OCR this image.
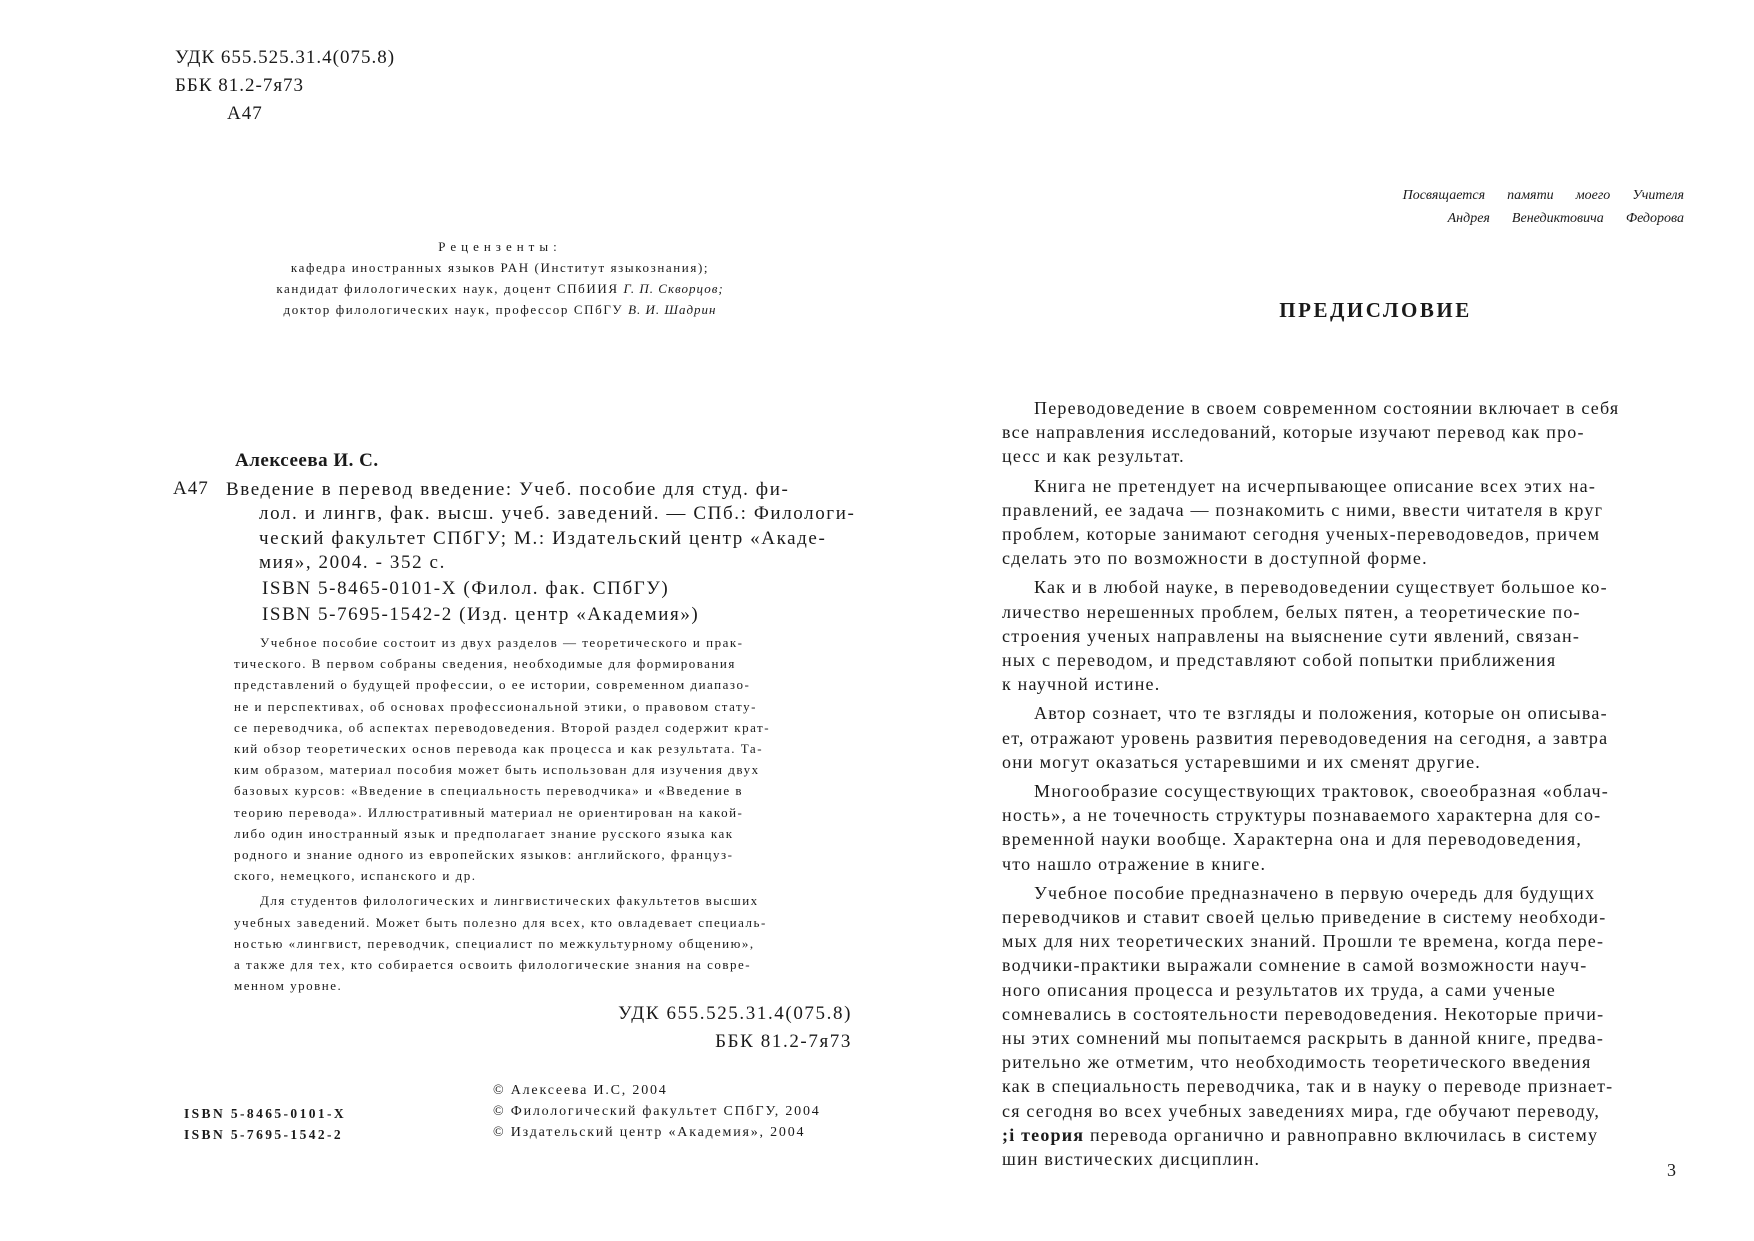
УДК 655.525.31.4(075.8)
ББК 81.2-7я73
А47
Рецензенты:
кафедра иностранных языков РАН (Институт языкознания);
кандидат филологических наук, доцент СПбИИЯ Г. П. Скворцов;
доктор филологических наук, профессор СПбГУ В. И. Шадрин
Алексеева И. С.
А47 Введение в перевод введение: Учеб. пособие для студ. фи-
лол. и лингв, фак. высш. учеб. заведений. — СПб.: Филологи-
ческий факультет СПбГУ; М.: Издательский центр «Акаде-
мия», 2004. - 352 с.
ISBN 5-8465-0101-Х (Филол. фак. СПбГУ)
ISBN 5-7695-1542-2 (Изд. центр «Академия»)
Учебное пособие состоит из двух разделов — теоретического и прак-
тического. В первом собраны сведения, необходимые для формирования
представлений о будущей профессии, о ее истории, современном диапазо-
не и перспективах, об основах профессиональной этики, о правовом стату-
се переводчика, об аспектах переводоведения. Второй раздел содержит крат-
кий обзор теоретических основ перевода как процесса и как результата. Та-
ким образом, материал пособия может быть использован для изучения двух
базовых курсов: «Введение в специальность переводчика» и «Введение в
теорию перевода». Иллюстративный материал не ориентирован на какой-
либо один иностранный язык и предполагает знание русского языка как
родного и знание одного из европейских языков: английского, француз-
ского, немецкого, испанского и др.
Для студентов филологических и лингвистических факультетов высших
учебных заведений. Может быть полезно для всех, кто овладевает специаль-
ностью «лингвист, переводчик, специалист по межкультурному общению»,
а также для тех, кто собирается освоить филологические знания на совре-
менном уровне.
УДК 655.525.31.4(075.8)
ББК 81.2-7я73
© Алексеева И.С, 2004
© Филологический факультет СПбГУ, 2004
© Издательский центр «Академия», 2004
ISBN 5-8465-0101-X
ISBN 5-7695-1542-2
Посвящается памяти моего Учителя
Андрея Венедиктовича Федорова
ПРЕДИСЛОВИЕ

Переводоведение в своем современном состоянии включает в себя
все направления исследований, которые изучают перевод как про-
цесс и как результат.

Книга не претендует на исчерпывающее описание всех этих на-
правлений, ее задача — познакомить с ними, ввести читателя в круг
проблем, которые занимают сегодня ученых-переводоведов, причем
сделать это по возможности в доступной форме.

Как и в любой науке, в переводоведении существует большое ко-
личество нерешенных проблем, белых пятен, а теоретические по-
строения ученых направлены на выяснение сути явлений, связан-
ных с переводом, и представляют собой попытки приближения
к научной истине.

Автор сознает, что те взгляды и положения, которые он описыва-
ет, отражают уровень развития переводоведения на сегодня, а завтра
они могут оказаться устаревшими и их сменят другие.

Многообразие сосуществующих трактовок, своеобразная «облач-
ность», а не точечность структуры познаваемого характерна для со-
временной науки вообще. Характерна она и для переводоведения,
что нашло отражение в книге.

Учебное пособие предназначено в первую очередь для будущих
переводчиков и ставит своей целью приведение в систему необходи-
мых для них теоретических знаний. Прошли те времена, когда пере-
водчики-практики выражали сомнение в самой возможности науч-
ного описания процесса и результатов их труда, а сами ученые
сомневались в состоятельности переводоведения. Некоторые причи-
ны этих сомнений мы попытаемся раскрыть в данной книге, предва-
рительно же отметим, что необходимость теоретического введения
как в специальность переводчика, так и в науку о переводе признает-
ся сегодня во всех учебных заведениях мира, где обучают переводу,
;i теория перевода органично и равноправно включилась в систему
шин вистических дисциплин.

3
